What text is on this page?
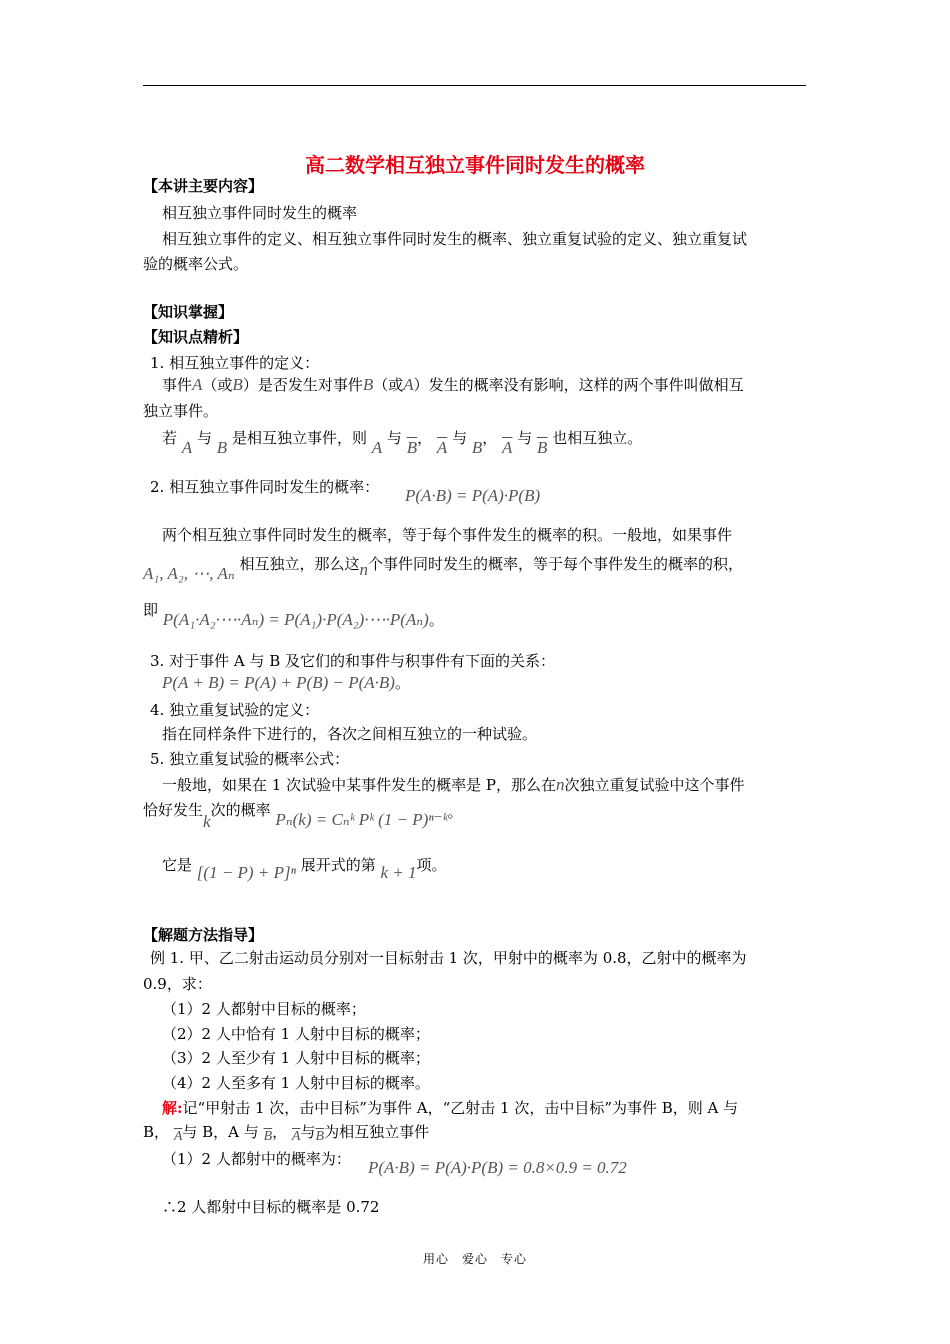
高二数学相互独立事件同时发生的概率
【本讲主要内容】
相互独立事件同时发生的概率
相互独立事件的定义、相互独立事件同时发生的概率、独立重复试验的定义、独立重复试
验的概率公式。
【知识掌握】
【知识点精析】
1. 相互独立事件的定义：
事件A（或B）是否发生对事件B（或A）发生的概率没有影响，这样的两个事件叫做相互
独立事件。
若 A 与 B 是相互独立事件，则 A 与 $\overline{B}$， $\overline{A}$ 与 B， $\overline{A}$ 与 $\overline{B}$ 也相互独立。
2. 相互独立事件同时发生的概率： P(A·B) = P(A)·P(B)
两个相互独立事件同时发生的概率，等于每个事件发生的概率的积。一般地，如果事件
A₁, A₂, ⋯, Aₙ 相互独立，那么这n个事件同时发生的概率，等于每个事件发生的概率的积，
即 P(A₁·A₂·⋯·Aₙ) = P(A₁)·P(A₂)·⋯·P(Aₙ)。
3. 对于事件 A 与 B 及它们的和事件与积事件有下面的关系：
P(A + B) = P(A) + P(B) − P(A·B)。
4. 独立重复试验的定义：
指在同样条件下进行的，各次之间相互独立的一种试验。
5. 独立重复试验的概率公式：
一般地，如果在 1 次试验中某事件发生的概率是 P，那么在n次独立重复试验中这个事件
恰好发生k次的概率 Pₙ(k) = Cₙᵏ Pᵏ (1 − P)ⁿ⁻ᵏ。
它是 [(1 − P) + P]ⁿ 展开式的第 k + 1项。
【解题方法指导】
例 1. 甲、乙二射击运动员分别对一目标射击 1 次，甲射中的概率为 0.8，乙射中的概率为
0.9，求：
（1）2 人都射中目标的概率；
（2）2 人中恰有 1 人射中目标的概率；
（3）2 人至少有 1 人射中目标的概率；
（4）2 人至多有 1 人射中目标的概率。
解:记“甲射击 1 次，击中目标”为事件 A，“乙射击 1 次，击中目标”为事件 B，则 A 与
B， $\overline{A}$与 B，A 与 $\overline{B}$， $\overline{A}$与$\overline{B}$为相互独立事件
（1）2 人都射中的概率为： P(A·B) = P(A)·P(B) = 0.8×0.9 = 0.72
∴2 人都射中目标的概率是 0.72
用心　爱心　专心
